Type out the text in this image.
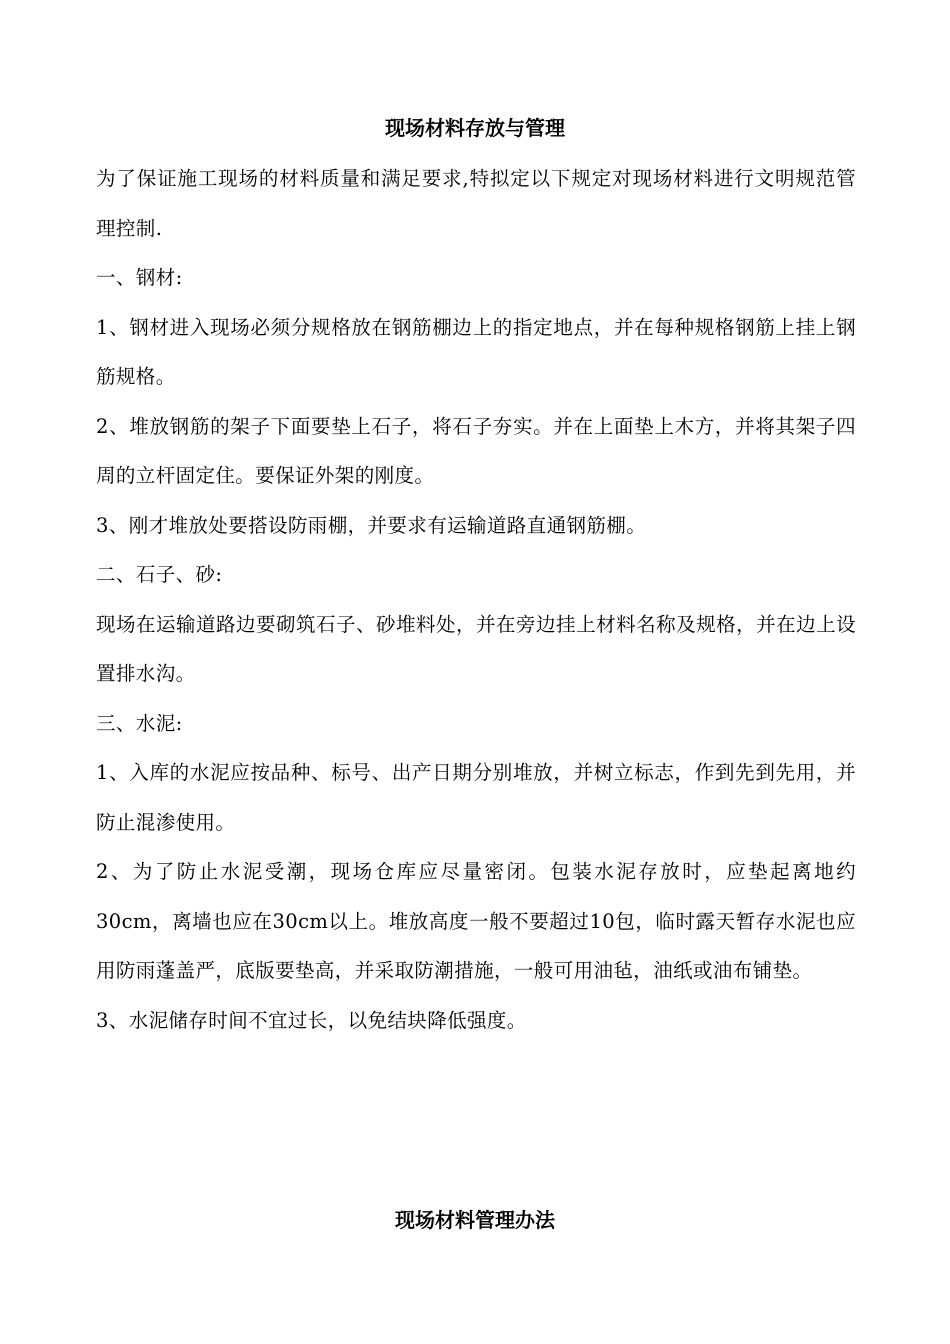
现场材料存放与管理

为了保证施工现场的材料质量和满足要求,特拟定以下规定对现场材料进行文明规范管理控制.

一、钢材:

1、钢材进入现场必须分规格放在钢筋棚边上的指定地点，并在每种规格钢筋上挂上钢筋规格。

2、堆放钢筋的架子下面要垫上石子，将石子夯实。并在上面垫上木方，并将其架子四周的立杆固定住。要保证外架的刚度。

3、刚才堆放处要搭设防雨棚，并要求有运输道路直通钢筋棚。

二、石子、砂:

现场在运输道路边要砌筑石子、砂堆料处，并在旁边挂上材料名称及规格，并在边上设置排水沟。

三、水泥:

1、入库的水泥应按品种、标号、出产日期分别堆放，并树立标志，作到先到先用，并防止混渗使用。

2、为了防止水泥受潮，现场仓库应尽量密闭。包装水泥存放时，应垫起离地约30cm，离墙也应在30cm以上。堆放高度一般不要超过10包，临时露天暂存水泥也应用防雨蓬盖严，底版要垫高，并采取防潮措施，一般可用油毡，油纸或油布铺垫。

3、水泥储存时间不宜过长，以免结块降低强度。

现场材料管理办法
